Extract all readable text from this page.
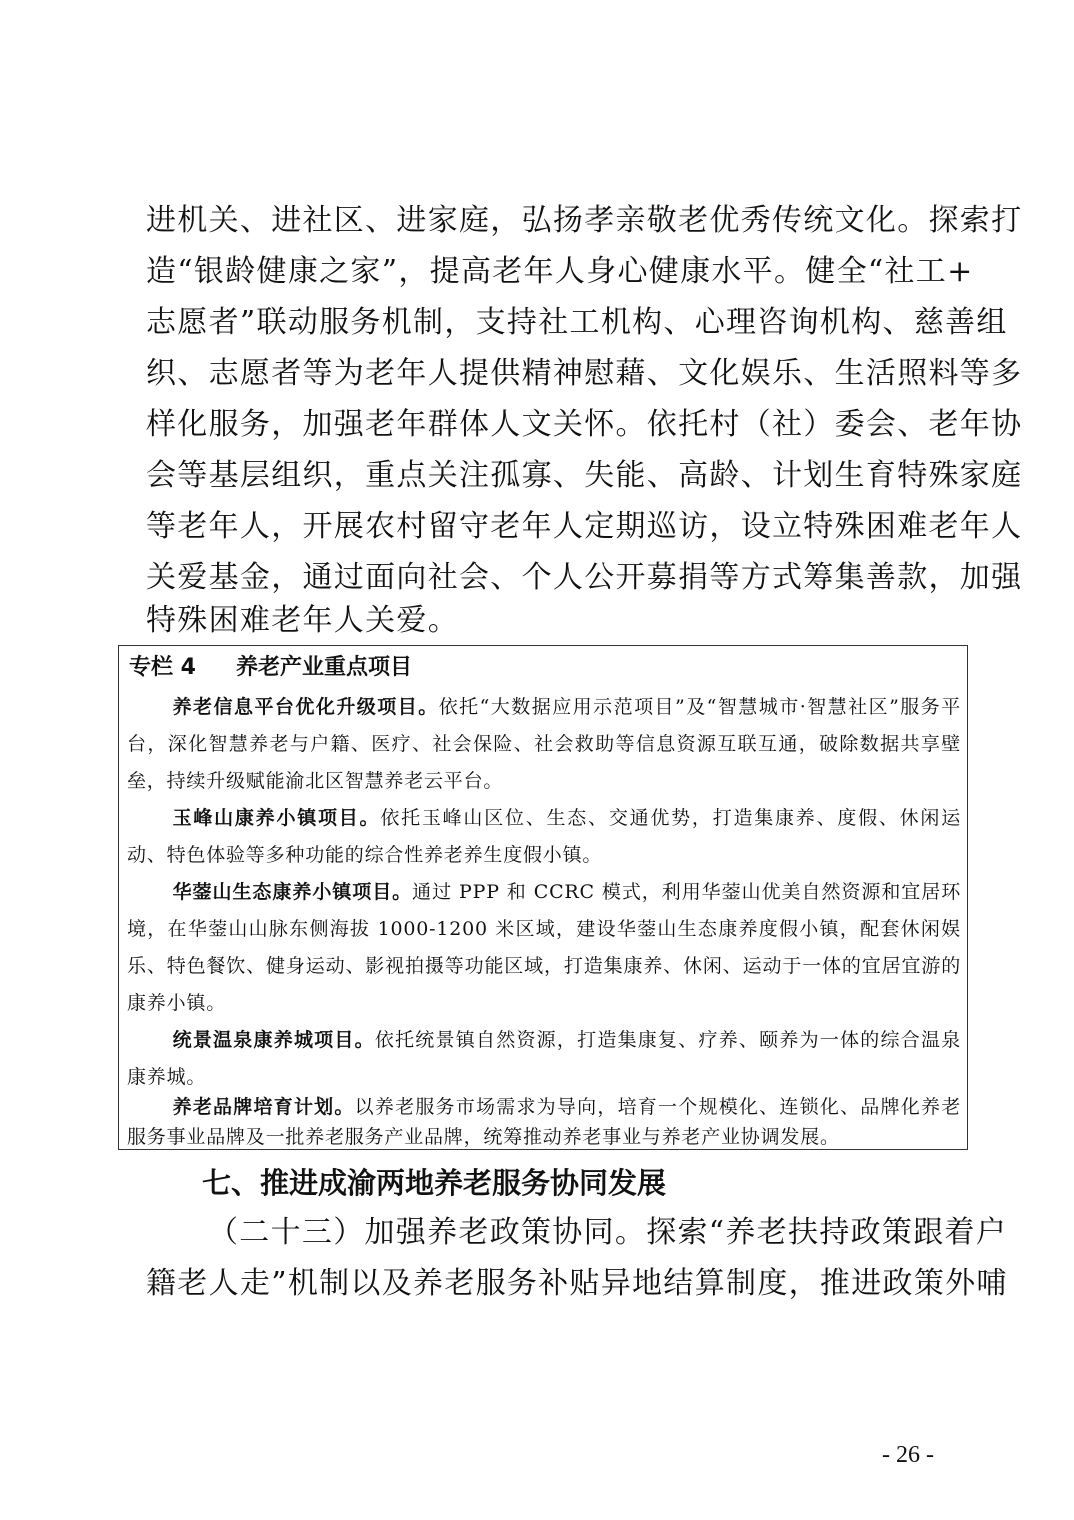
进机关、进社区、进家庭，弘扬孝亲敬老优秀传统文化。探索打
造“银龄健康之家”，提高老年人身心健康水平。健全“社工+
志愿者”联动服务机制，支持社工机构、心理咨询机构、慈善组
织、志愿者等为老年人提供精神慰藉、文化娱乐、生活照料等多
样化服务，加强老年群体人文关怀。依托村（社）委会、老年协
会等基层组织，重点关注孤寡、失能、高龄、计划生育特殊家庭
等老年人，开展农村留守老年人定期巡访，设立特殊困难老年人
关爱基金，通过面向社会、个人公开募捐等方式筹集善款，加强
特殊困难老年人关爱。
专栏 4 养老产业重点项目
养老信息平台优化升级项目。依托“大数据应用示范项目”及“智慧城市·智慧社区”服务平台，深化智慧养老与户籍、医疗、社会保险、社会救助等信息资源互联互通，破除数据共享壁垒，持续升级赋能渝北区智慧养老云平台。
玉峰山康养小镇项目。依托玉峰山区位、生态、交通优势，打造集康养、度假、休闲运动、特色体验等多种功能的综合性养老养生度假小镇。
华蓥山生态康养小镇项目。通过 PPP 和 CCRC 模式，利用华蓥山优美自然资源和宜居环境，在华蓥山山脉东侧海拔 1000-1200 米区域，建设华蓥山生态康养度假小镇，配套休闲娱乐、特色餐饮、健身运动、影视拍摄等功能区域，打造集康养、休闲、运动于一体的宜居宜游的康养小镇。
统景温泉康养城项目。依托统景镇自然资源，打造集康复、疗养、颐养为一体的综合温泉康养城。
养老品牌培育计划。以养老服务市场需求为导向，培育一个规模化、连锁化、品牌化养老服务事业品牌及一批养老服务产业品牌，统筹推动养老事业与养老产业协调发展。
七、推进成渝两地养老服务协同发展
（二十三）加强养老政策协同。探索“养老扶持政策跟着户
籍老人走”机制以及养老服务补贴异地结算制度，推进政策外哺
- 26 -
